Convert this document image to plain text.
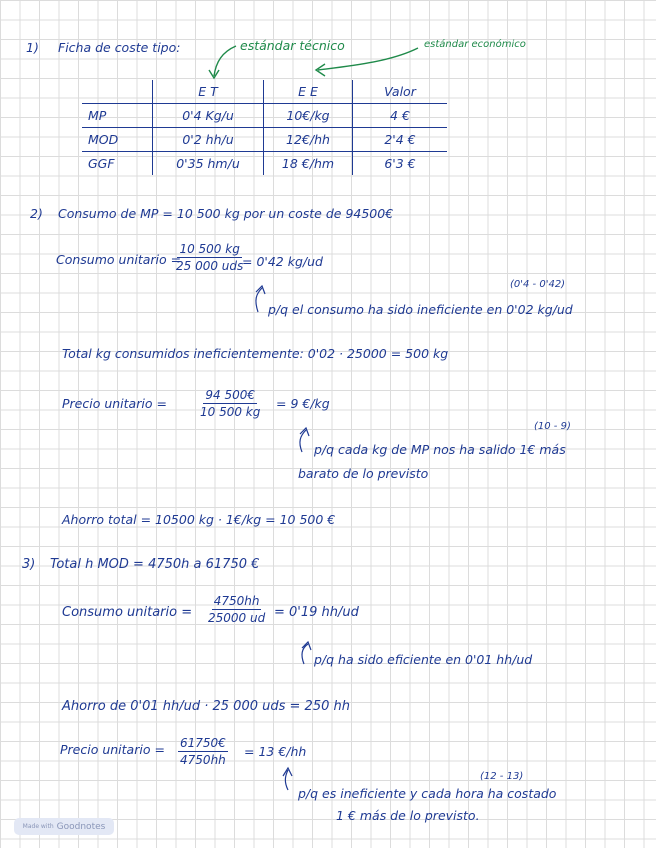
1) Ficha de coste tipo:	estándar técnico	estándar económico
	E T	E E	Valor
MP	0'4 Kg/u	10€/kg	4 €
MOD	0'2 hh/u	12€/hh	2'4 €
GGF	0'35 hm/u	18 €/hm	6'3 €
2) Consumo de MP = 10 500 kg por un coste de 94500€
Consumo unitario =
10 500 kg
25 000 uds
= 0'42 kg/ud
(0'4 - 0'42)
p/q el consumo ha sido ineficiente en 0'02 kg/ud
Total kg consumidos ineficientemente: 0'02 · 25000 = 500 kg
Precio unitario =	$\frac{94 500€}{10 500 kg} = 9$ €/kg
(10 - 9)
p/q cada kg de MP nos ha salido 1€ más
barato de lo previsto
Ahorro total = 10500 kg · 1€/kg = 10 500 €
3) Total h MOD = 4750h a 61750 €
Consumo unitario = $\frac{4750hh}{25000 ud} = 0'19$ hh/ud
p/q ha sido eficiente en 0'01 hh/ud
Ahorro de 0'01 hh/ud · 25 000 uds = 250 hh
Precio unitario = $\frac{61750€}{4750hh} = 13$ €/hh
(12 - 13)
p/q es ineficiente y cada hora ha costado
1 € más de lo previsto.
Made with Goodnotes
